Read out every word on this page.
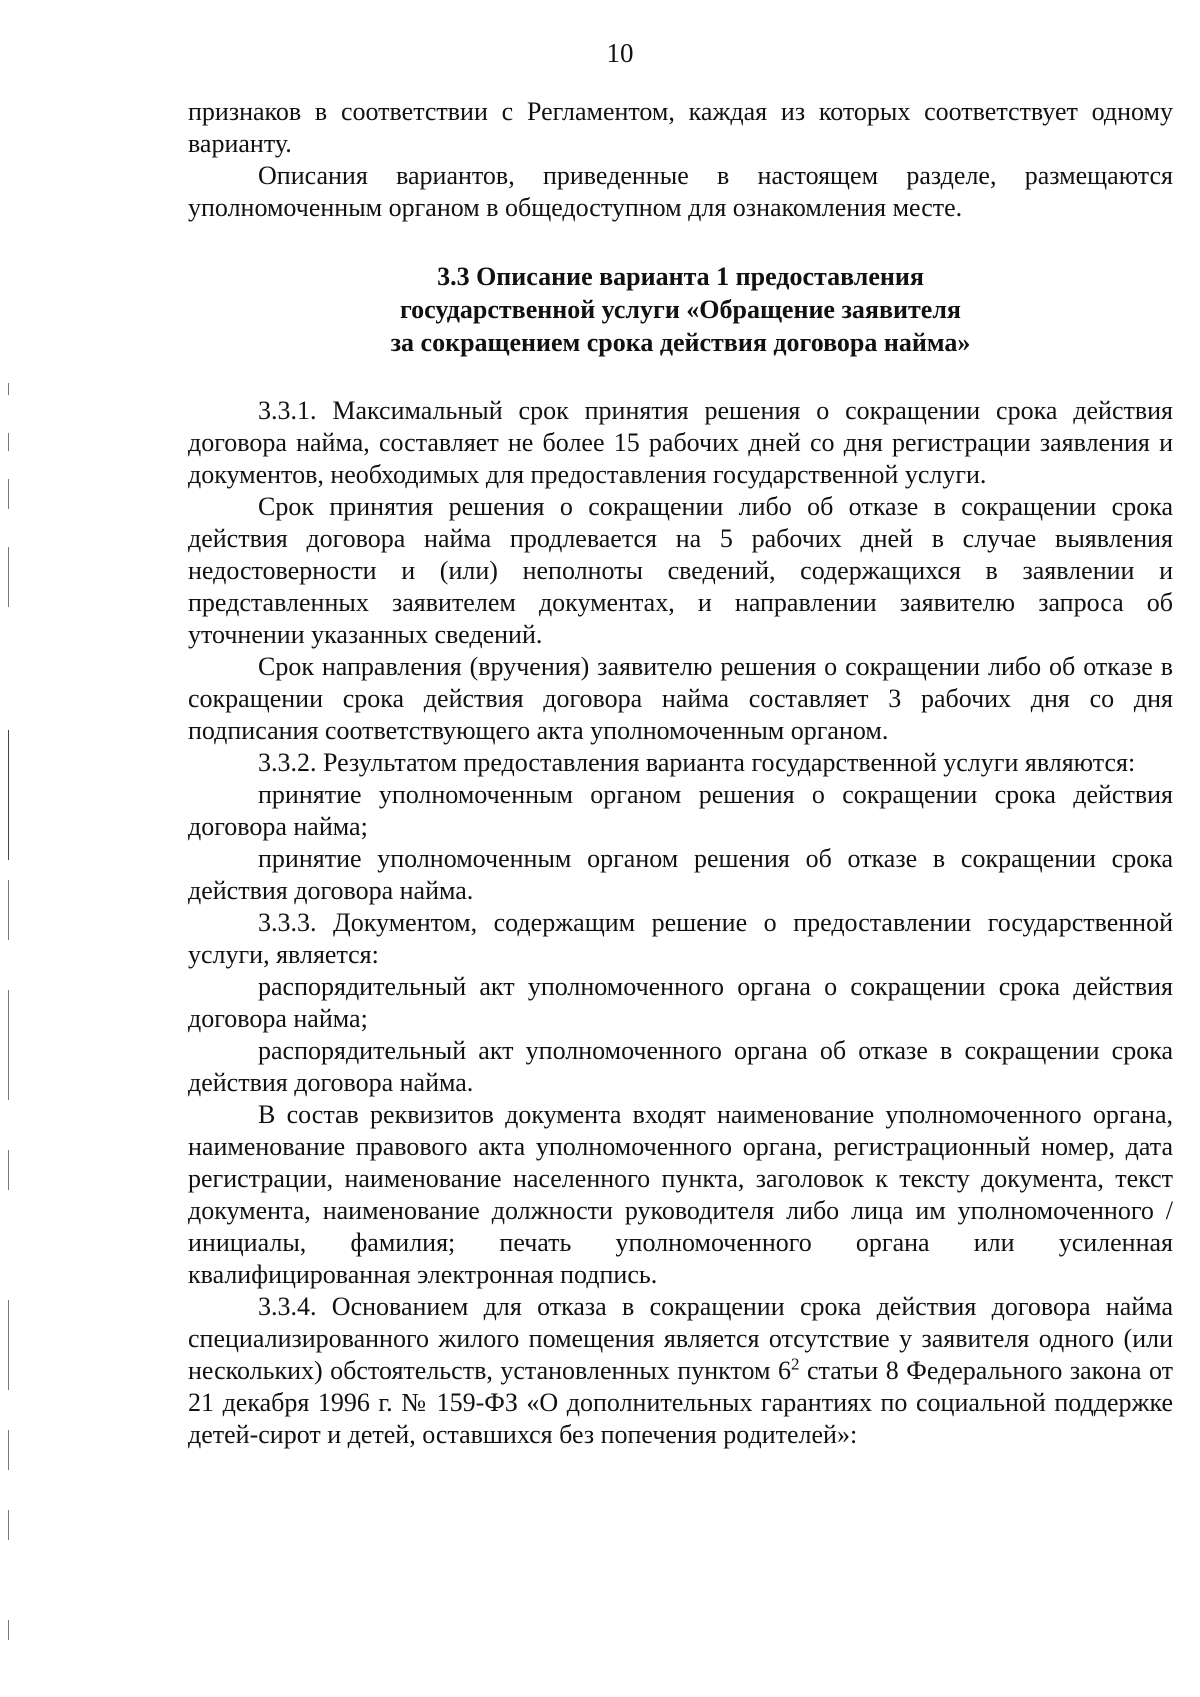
10

признаков в соответствии с Регламентом, каждая из которых соответствует одному варианту.

Описания вариантов, приведенные в настоящем разделе, размещаются уполномоченным органом в общедоступном для ознакомления месте.

3.3 Описание варианта 1 предоставления
государственной услуги «Обращение заявителя
за сокращением срока действия договора найма»

3.3.1. Максимальный срок принятия решения о сокращении срока действия договора найма, составляет не более 15 рабочих дней со дня регистрации заявления и документов, необходимых для предоставления государственной услуги.

Срок принятия решения о сокращении либо об отказе в сокращении срока действия договора найма продлевается на 5 рабочих дней в случае выявления недостоверности и (или) неполноты сведений, содержащихся в заявлении и представленных заявителем документах, и направлении заявителю запроса об уточнении указанных сведений.

Срок направления (вручения) заявителю решения о сокращении либо об отказе в сокращении срока действия договора найма составляет 3 рабочих дня со дня подписания соответствующего акта уполномоченным органом.

3.3.2. Результатом предоставления варианта государственной услуги являются:

принятие уполномоченным органом решения о сокращении срока действия договора найма;

принятие уполномоченным органом решения об отказе в сокращении срока действия договора найма.

3.3.3. Документом, содержащим решение о предоставлении государственной услуги, является:

распорядительный акт уполномоченного органа о сокращении срока действия договора найма;

распорядительный акт уполномоченного органа об отказе в сокращении срока действия договора найма.

В состав реквизитов документа входят наименование уполномоченного органа, наименование правового акта уполномоченного органа, регистрационный номер, дата регистрации, наименование населенного пункта, заголовок к тексту документа, текст документа, наименование должности руководителя либо лица им уполномоченного / инициалы, фамилия; печать уполномоченного органа или усиленная квалифицированная электронная подпись.

3.3.4. Основанием для отказа в сокращении срока действия договора найма специализированного жилого помещения является отсутствие у заявителя одного (или нескольких) обстоятельств, установленных пунктом $6^2$ статьи 8 Федерального закона от 21 декабря 1996 г. № 159-ФЗ «О дополнительных гарантиях по социальной поддержке детей-сирот и детей, оставшихся без попечения родителей»:
